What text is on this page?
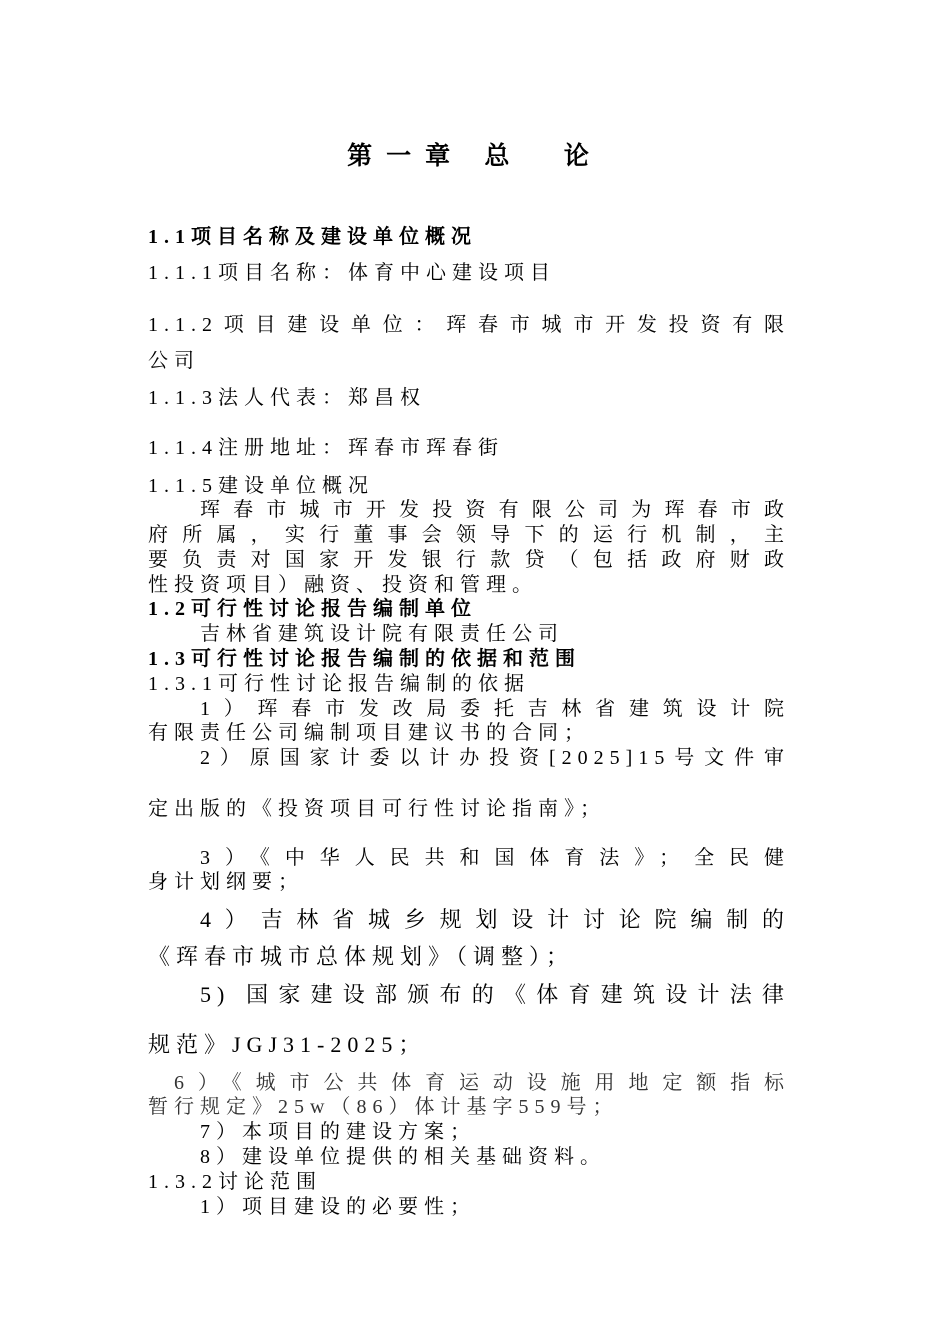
第一章 总  论
1.1项目名称及建设单位概况
1.1.1项目名称：体育中心建设项目
1.1.2项目建设单位：珲春市城市开发投资有限
公司
1.1.3法人代表：郑昌权
1.1.4注册地址：珲春市珲春街
1.1.5建设单位概况
珲春市城市开发投资有限公司为珲春市政
府所属，实行董事会领导下的运行机制，主
要负责对国家开发银行款贷（包括政府财政
性投资项目）融资、投资和管理。
1.2可行性讨论报告编制单位
吉林省建筑设计院有限责任公司
1.3可行性讨论报告编制的依据和范围
1.3.1可行性讨论报告编制的依据
1）珲春市发改局委托吉林省建筑设计院
有限责任公司编制项目建议书的合同；
2）原国家计委以计办投资[2025]15号文件审
定出版的《投资项目可行性讨论指南》；
3）《中华人民共和国体育法》；全民健
身计划纲要；
4）吉林省城乡规划设计讨论院编制的
《珲春市城市总体规划》（调整）；
5) 国家建设部颁布的《体育建筑设计法律
规范》JGJ31-2025；
6）《城市公共体育运动设施用地定额指标
暂行规定》25w（86）体计基字559号；
7）本项目的建设方案；
8）建设单位提供的相关基础资料。
1.3.2讨论范围
1）项目建设的必要性；
